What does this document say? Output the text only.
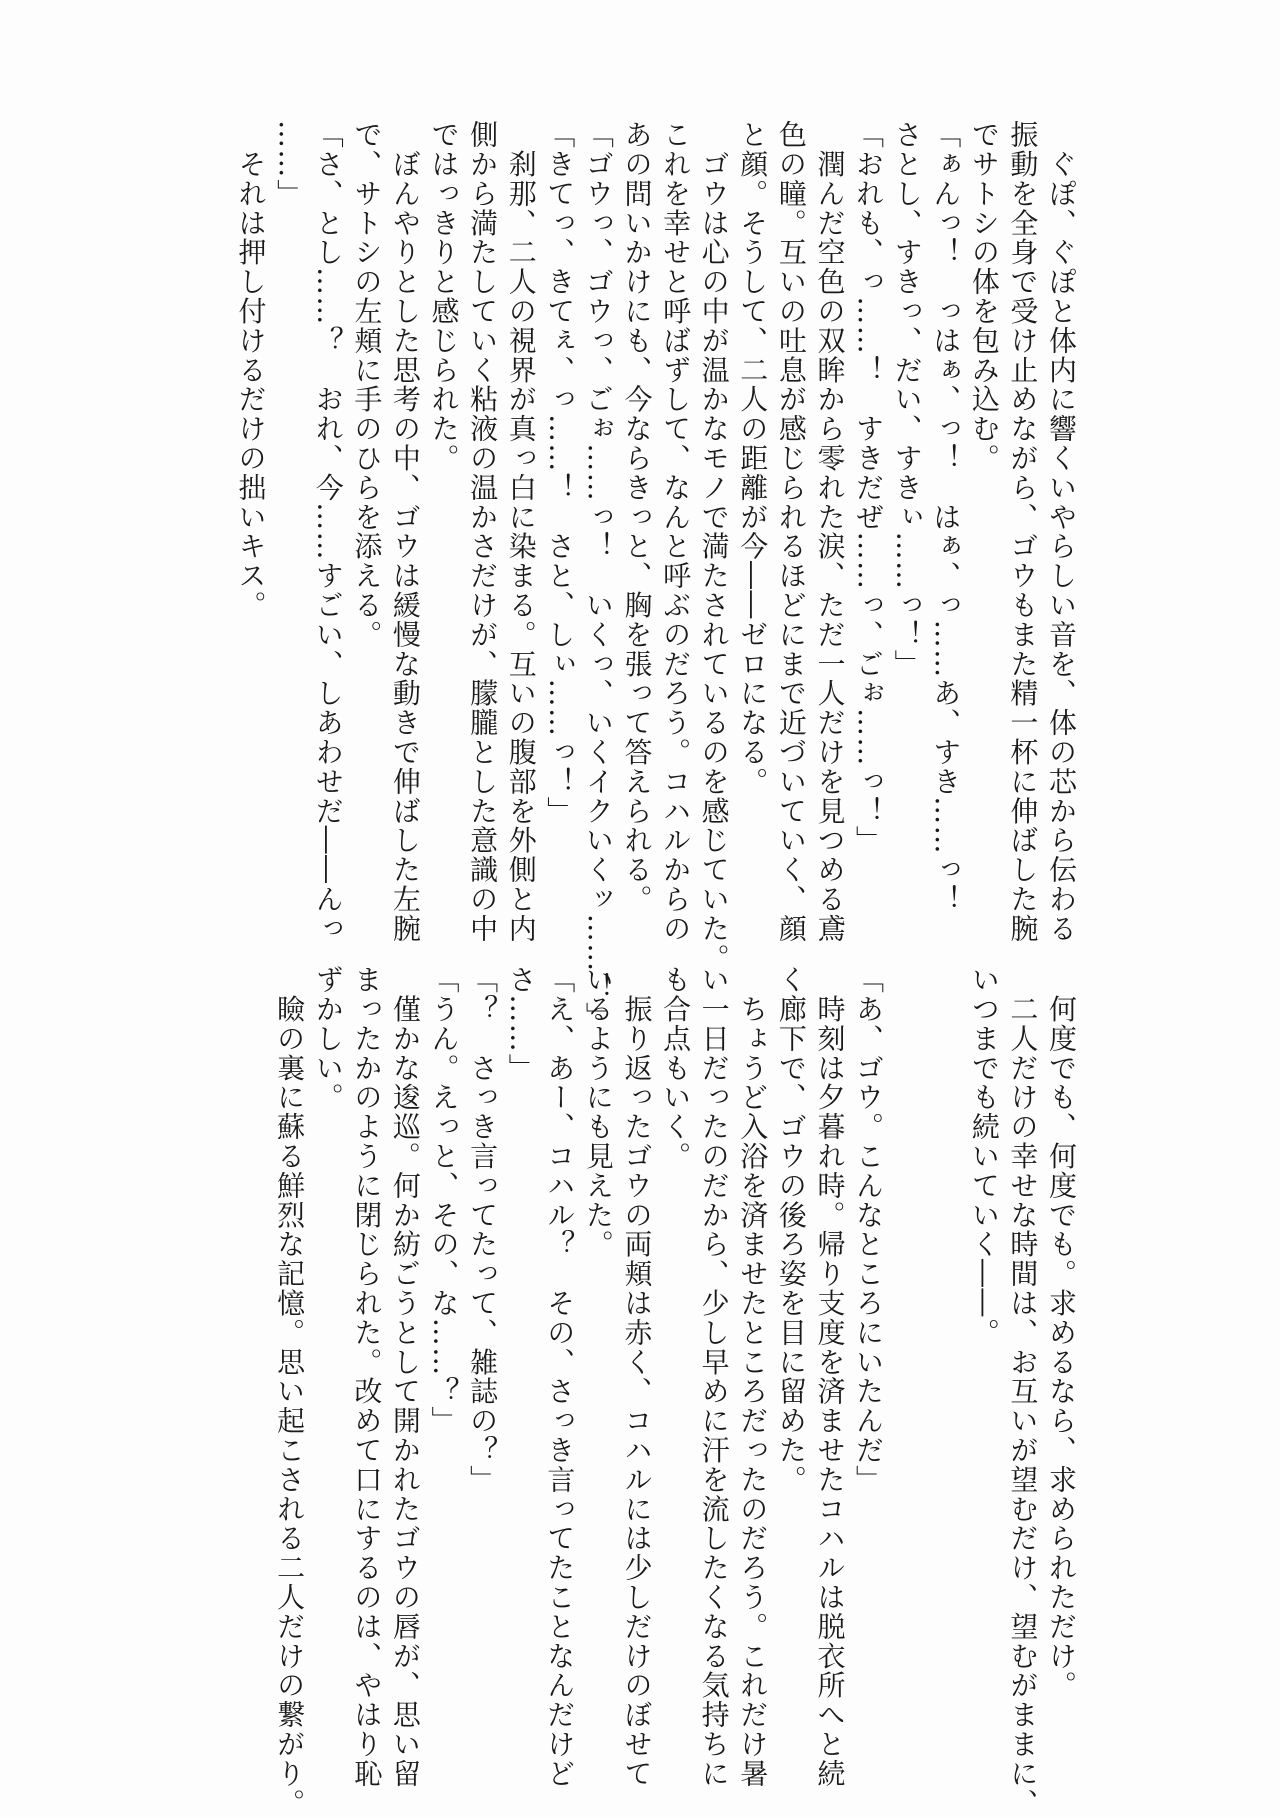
　ぐぽ、ぐぽと体内に響くいやらしい音を、体の芯から伝わる
振動を全身で受け止めながら、ゴウもまた精一杯に伸ばした腕
でサトシの体を包み込む。
「ぁんっ！　っはぁ、っ！　はぁ、っ……あ、すき……っ！
さとし、すきっ、だい、すきぃ……っ！」
「おれも、っ……！　すきだぜ……っ、ごぉ……っ！」
　潤んだ空色の双眸から零れた涙、ただ一人だけを見つめる鳶
色の瞳。互いの吐息が感じられるほどにまで近づいていく、顔
と顔。そうして、二人の距離が今――ゼロになる。
　ゴウは心の中が温かなモノで満たされているのを感じていた。
これを幸せと呼ばずして、なんと呼ぶのだろう。コハルからの
あの問いかけにも、今ならきっと、胸を張って答えられる。
「ゴウっ、ゴウっ、ごぉ……っ！　いくっ、いくイクいくッ……！」
「きてっ、きてぇ、っ……！　さと、しぃ……っ！」
　刹那、二人の視界が真っ白に染まる。互いの腹部を外側と内
側から満たしていく粘液の温かさだけが、朦朧とした意識の中
ではっきりと感じられた。
　ぼんやりとした思考の中、ゴウは緩慢な動きで伸ばした左腕
で、サトシの左頬に手のひらを添える。
「さ、とし……？　おれ、今……すごい、しあわせだ――んっ
……」
　それは押し付けるだけの拙いキス。
　何度でも、何度でも。求めるなら、求められただけ。
　二人だけの幸せな時間は、お互いが望むだけ、望むがままに、
いつまでも続いていく――。

「あ、ゴウ。こんなところにいたんだ」
　時刻は夕暮れ時。帰り支度を済ませたコハルは脱衣所へと続
く廊下で、ゴウの後ろ姿を目に留めた。
　ちょうど入浴を済ませたところだったのだろう。これだけ暑
い一日だったのだから、少し早めに汗を流したくなる気持ちに
も合点もいく。
　振り返ったゴウの両頬は赤く、コハルには少しだけのぼせて
いるようにも見えた。
「え、あー、コハル？　その、さっき言ってたことなんだけど
さ……」
「？　さっき言ってたって、雑誌の？」
「うん。えっと、その、な……？」
　僅かな逡巡。何か紡ごうとして開かれたゴウの唇が、思い留
まったかのように閉じられた。改めて口にするのは、やはり恥
ずかしい。
　瞼の裏に蘇る鮮烈な記憶。思い起こされる二人だけの繋がり。
